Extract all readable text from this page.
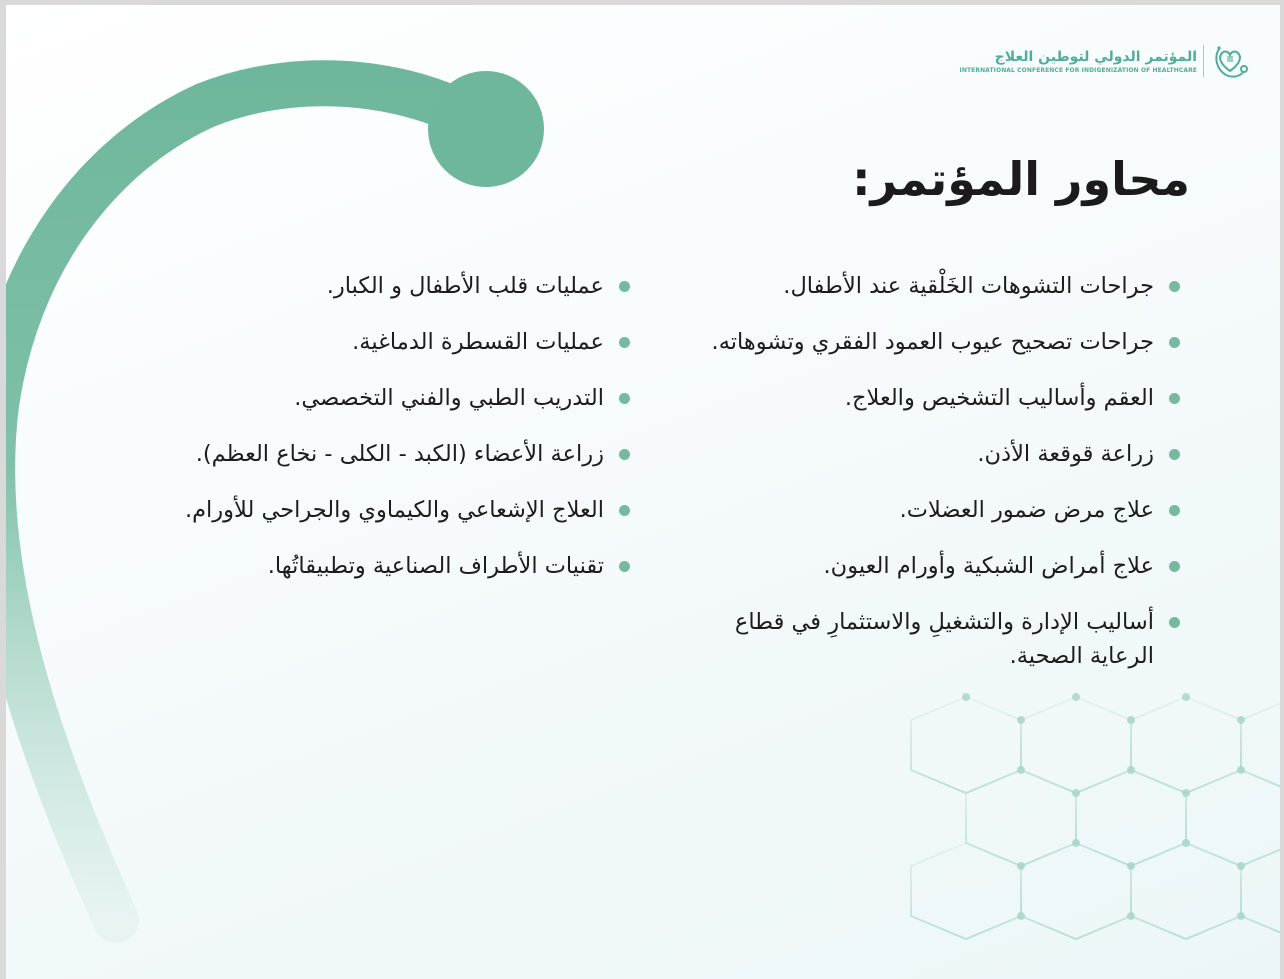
المؤتمر الدولي لتوطين العلاج
INTERNATIONAL CONFERENCE FOR INDIGENIZATION OF HEALTHCARE
محاور المؤتمر:
جراحات التشوهات الخَلْقية عند الأطفال.
جراحات تصحيح عيوب العمود الفقري وتشوهاته.
العقم وأساليب التشخيص والعلاج.
زراعة قوقعة الأذن.
علاج مرض ضمور العضلات.
علاج أمراض الشبكية وأورام العيون.
أساليب الإدارة والتشغيلِ والاستثمارِ في قطاع الرعاية الصحية.
عمليات قلب الأطفال و الكبار.
عمليات القسطرة الدماغية.
التدريب الطبي والفني التخصصي.
زراعة الأعضاء (الكبد - الكلى - نخاع العظم).
العلاج الإشعاعي والكيماوي والجراحي للأورام.
تقنيات الأطراف الصناعية وتطبيقاتُها.
